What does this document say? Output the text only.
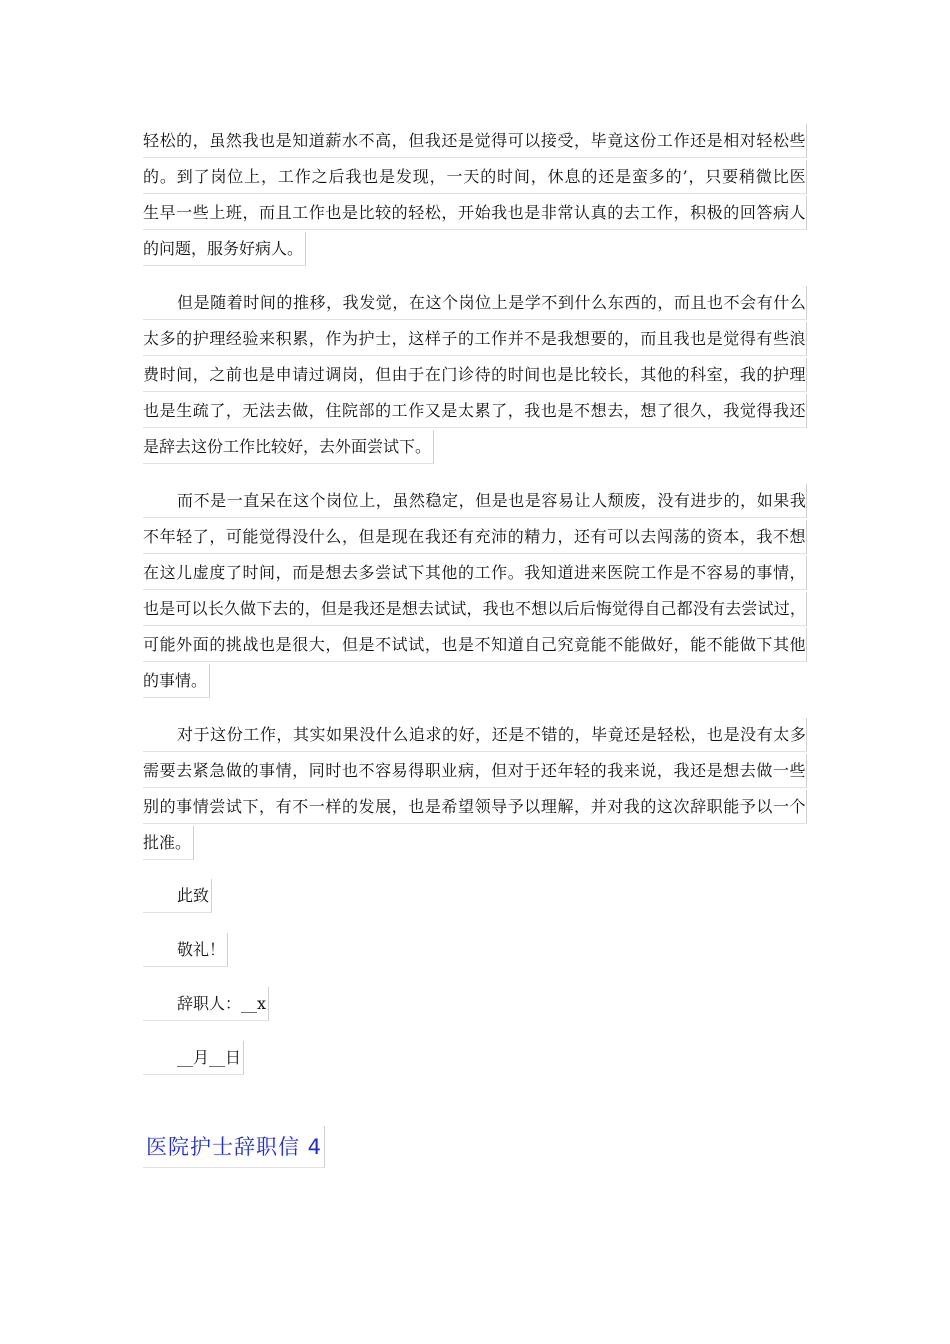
轻 松 的 ， 虽 然 我 也 是 知 道 薪 水 不 高 ， 但 我 还 是 觉 得 可 以 接 受 ， 毕 竟 这 份 工 作 还 是 相 对 轻 松 些
的 。 到 了 岗 位 上 ， 工 作 之 后 我 也 是 发 现 ， 一 天 的 时 间 ， 休 息 的 还 是 蛮 多 的 ’ ， 只 要 稍 微 比 医
生 早 一 些 上 班 ， 而 且 工 作 也 是 比 较 的 轻 松 ， 开 始 我 也 是 非 常 认 真 的 去 工 作 ， 积 极 的 回 答 病 人
的问题，服务好病人。
但 是 随 着 时 间 的 推 移 ， 我 发 觉 ， 在 这 个 岗 位 上 是 学 不 到 什 么 东 西 的 ， 而 且 也 不 会 有 什 么
太 多 的 护 理 经 验 来 积 累 ， 作 为 护 士 ， 这 样 子 的 工 作 并 不 是 我 想 要 的 ， 而 且 我 也 是 觉 得 有 些 浪
费 时 间 ， 之 前 也 是 申 请 过 调 岗 ， 但 由 于 在 门 诊 待 的 时 间 也 是 比 较 长 ， 其 他 的 科 室 ， 我 的 护 理
也 是 生 疏 了 ， 无 法 去 做 ， 住 院 部 的 工 作 又 是 太 累 了 ， 我 也 是 不 想 去 ， 想 了 很 久 ， 我 觉 得 我 还
是辞去这份工作比较好，去外面尝试下。
而 不 是 一 直 呆 在 这 个 岗 位 上 ， 虽 然 稳 定 ， 但 是 也 是 容 易 让 人 颓 废 ， 没 有 进 步 的 ， 如 果 我
不 年 轻 了 ， 可 能 觉 得 没 什 么 ， 但 是 现 在 我 还 有 充 沛 的 精 力 ， 还 有 可 以 去 闯 荡 的 资 本 ， 我 不 想
在 这 儿 虚 度 了 时 间 ， 而 是 想 去 多 尝 试 下 其 他 的 工 作 。 我 知 道 进 来 医 院 工 作 是 不 容 易 的 事 情 ，
也 是 可 以 长 久 做 下 去 的 ， 但 是 我 还 是 想 去 试 试 ， 我 也 不 想 以 后 后 悔 觉 得 自 己 都 没 有 去 尝 试 过 ，
可 能 外 面 的 挑 战 也 是 很 大 ， 但 是 不 试 试 ， 也 是 不 知 道 自 己 究 竟 能 不 能 做 好 ， 能 不 能 做 下 其 他
的事情。
对 于 这 份 工 作 ， 其 实 如 果 没 什 么 追 求 的 好 ， 还 是 不 错 的 ， 毕 竟 还 是 轻 松 ， 也 是 没 有 太 多
需 要 去 紧 急 做 的 事 情 ， 同 时 也 不 容 易 得 职 业 病 ， 但 对 于 还 年 轻 的 我 来 说 ， 我 还 是 想 去 做 一 些
别 的 事 情 尝 试 下 ， 有 不 一 样 的 发 展 ， 也 是 希 望 领 导 予 以 理 解 ， 并 对 我 的 这 次 辞 职 能 予 以 一 个
批准。
此致
敬礼！
辞职人：__x
__月__日
医院护士辞职信 4
